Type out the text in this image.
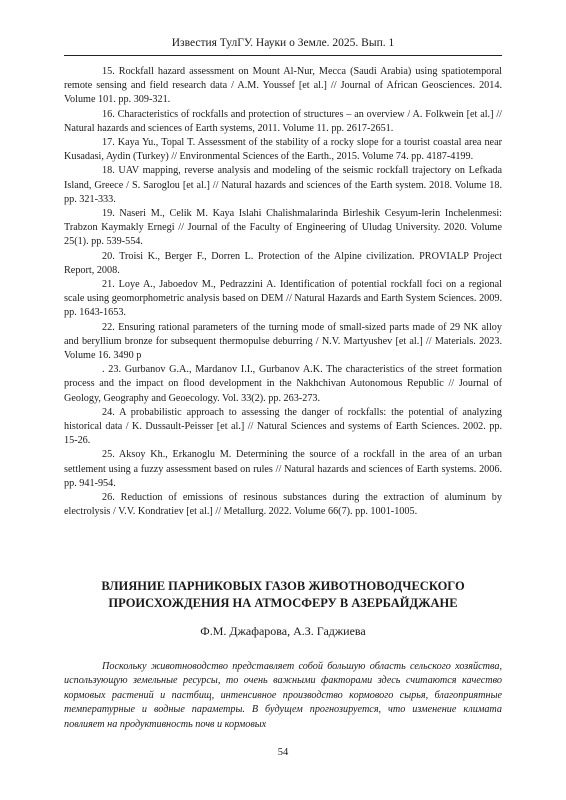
Известия ТулГУ. Науки о Земле. 2025. Вып. 1

15. Rockfall hazard assessment on Mount Al-Nur, Mecca (Saudi Arabia) using spatiotemporal remote sensing and field research data / A.M. Youssef [et al.] // Journal of African Geosciences. 2014. Volume 101. pp. 309-321.

16. Characteristics of rockfalls and protection of structures – an overview / A. Folkwein [et al.] // Natural hazards and sciences of Earth systems, 2011. Volume 11. pp. 2617-2651.

17. Kaya Yu., Topal T. Assessment of the stability of a rocky slope for a tourist coastal area near Kusadasi, Aydin (Turkey) // Environmental Sciences of the Earth., 2015. Volume 74. pp. 4187-4199.

18. UAV mapping, reverse analysis and modeling of the seismic rockfall trajectory on Lefkada Island, Greece / S. Saroglou [et al.] // Natural hazards and sciences of the Earth system. 2018. Volume 18. pp. 321-333.

19. Naseri M., Celik M. Kaya Islahi Chalishmalarinda Birleshik Cesyum-lerin Inchelenmesi: Trabzon Kaymakly Ernegi // Journal of the Faculty of Engineering of Uludag University. 2020. Volume 25(1). pp. 539-554.

20. Troisi K., Berger F., Dorren L. Protection of the Alpine civilization. PROVIALP Project Report, 2008.

21. Loye A., Jaboedov M., Pedrazzini A. Identification of potential rockfall foci on a regional scale using geomorphometric analysis based on DEM // Natural Hazards and Earth System Sciences. 2009. pp. 1643-1653.

22. Ensuring rational parameters of the turning mode of small-sized parts made of 29 NK alloy and beryllium bronze for subsequent thermopulse deburring / N.V. Martyushev [et al.] // Materials. 2023. Volume 16. 3490 p

. 23. Gurbanov G.A., Mardanov I.I., Gurbanov A.K. The characteristics of the street formation process and the impact on flood development in the Nakhchivan Autonomous Republic // Journal of Geology, Geography and Geoecology. Vol. 33(2). pp. 263-273.

24. A probabilistic approach to assessing the danger of rockfalls: the potential of analyzing historical data / K. Dussault-Peisser [et al.] // Natural Sciences and systems of Earth Sciences. 2002. pp. 15-26.

25. Aksoy Kh., Erkanoglu M. Determining the source of a rockfall in the area of an urban settlement using a fuzzy assessment based on rules // Natural hazards and sciences of Earth systems. 2006. pp. 941-954.

26. Reduction of emissions of resinous substances during the extraction of aluminum by electrolysis / V.V. Kondratiev [et al.] // Metallurg. 2022. Volume 66(7). pp. 1001-1005.

ВЛИЯНИЕ ПАРНИКОВЫХ ГАЗОВ ЖИВОТНОВОДЧЕСКОГО ПРОИСХОЖДЕНИЯ НА АТМОСФЕРУ В АЗЕРБАЙДЖАНЕ

Ф.М. Джафарова, А.З. Гаджиева

Поскольку животноводство представляет собой большую область сельского хозяйства, использующую земельные ресурсы, то очень важными факторами здесь считаются качество кормовых растений и пастбищ, интенсивное производство кормового сырья, благоприятные температурные и водные параметры. В будущем прогнозируется, что изменение климата повлияет на продуктивность почв и кормовых

54
